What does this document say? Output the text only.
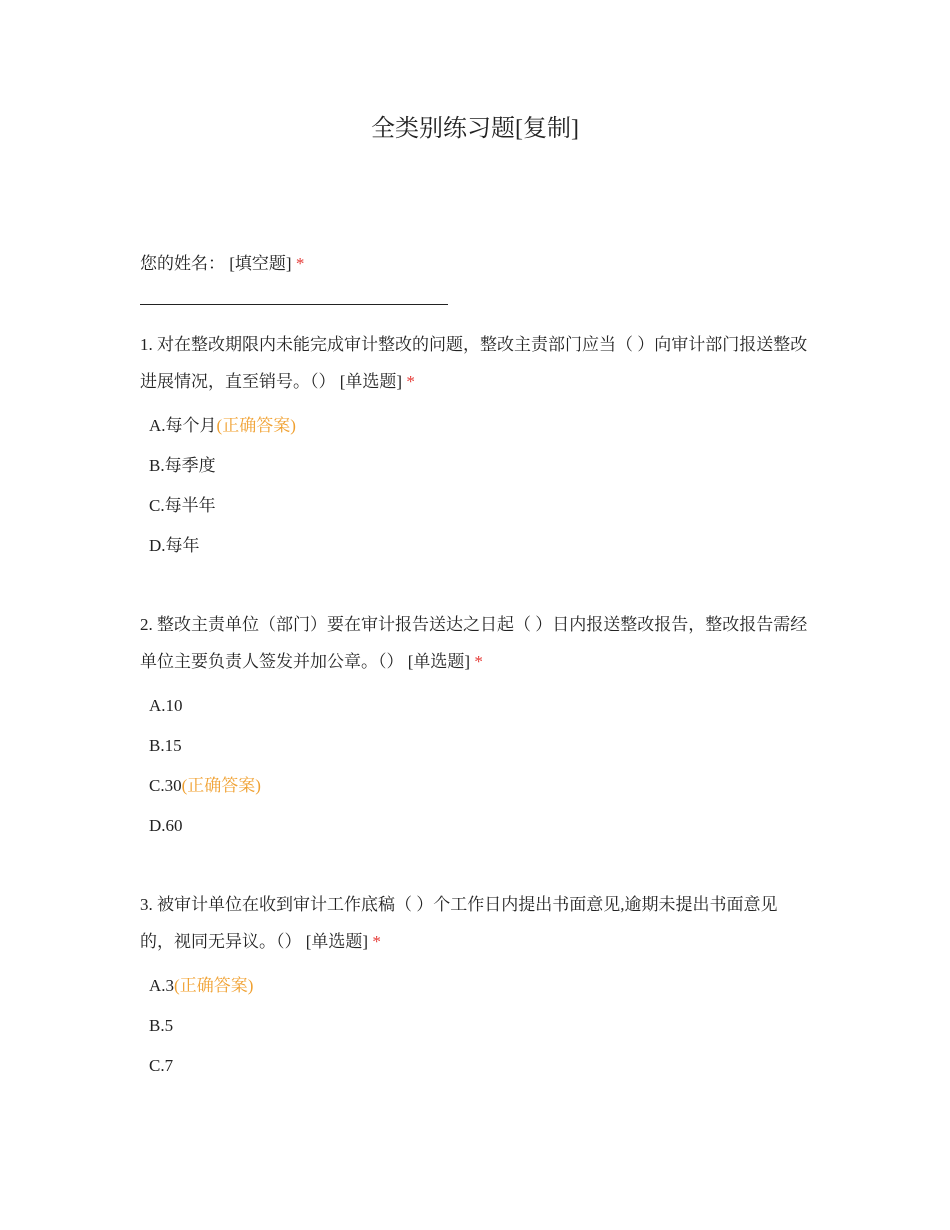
全类别练习题[复制]
您的姓名： [填空题] *
1. 对在整改期限内未能完成审计整改的问题，整改主责部门应当（ ）向审计部门报送整改进展情况，直至销号。（） [单选题] *
A.每个月(正确答案)
B.每季度
C.每半年
D.每年
2. 整改主责单位（部门）要在审计报告送达之日起（ ）日内报送整改报告，整改报告需经单位主要负责人签发并加公章。（） [单选题] *
A.10
B.15
C.30(正确答案)
D.60
3. 被审计单位在收到审计工作底稿（ ）个工作日内提出书面意见,逾期未提出书面意见的，视同无异议。（） [单选题] *
A.3(正确答案)
B.5
C.7
